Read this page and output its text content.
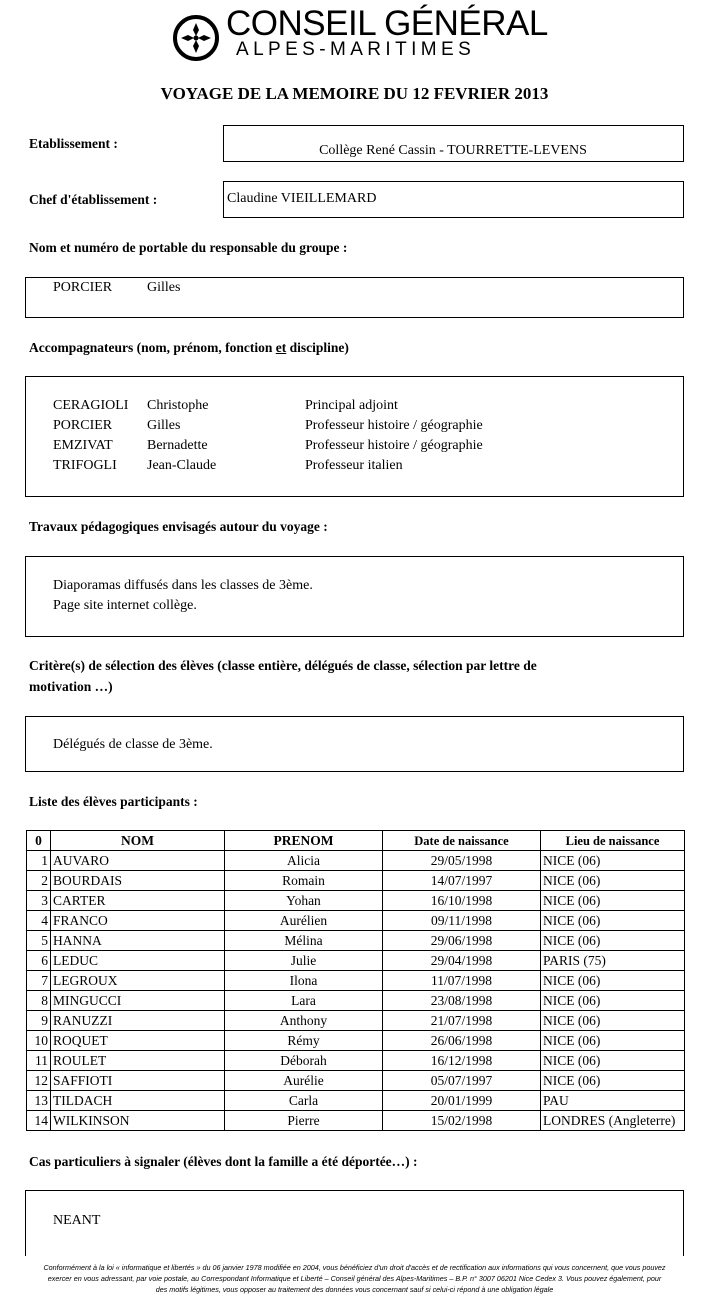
CONSEIL GÉNÉRAL
ALPES-MARITIMES
VOYAGE DE LA MEMOIRE DU 12 FEVRIER 2013
Etablissement :	Collège René Cassin - TOURRETTE-LEVENS
Chef d'établissement :	Claudine VIEILLEMARD
Nom et numéro de portable du responsable du groupe :
PORCIER Gilles
Accompagnateurs (nom, prénom, fonction et discipline)
CERAGIOLI Christophe	Principal adjoint
PORCIER Gilles	Professeur histoire / géographie
EMZIVAT Bernadette	Professeur histoire / géographie
TRIFOGLI Jean-Claude	Professeur italien
Travaux pédagogiques envisagés autour du voyage :
Diaporamas diffusés dans les classes de 3ème.
Page site internet collège.
Critère(s) de sélection des élèves (classe entière, délégués de classe, sélection par lettre de
motivation …)
Délégués de classe de 3ème.
Liste des élèves participants :
0	NOM	PRENOM	Date de naissance	Lieu de naissance
1	AUVARO	Alicia	29/05/1998	NICE (06)
2	BOURDAIS	Romain	14/07/1997	NICE (06)
3	CARTER	Yohan	16/10/1998	NICE (06)
4	FRANCO	Aurélien	09/11/1998	NICE (06)
5	HANNA	Mélina	29/06/1998	NICE (06)
6	LEDUC	Julie	29/04/1998	PARIS (75)
7	LEGROUX	Ilona	11/07/1998	NICE (06)
8	MINGUCCI	Lara	23/08/1998	NICE (06)
9	RANUZZI	Anthony	21/07/1998	NICE (06)
10	ROQUET	Rémy	26/06/1998	NICE (06)
11	ROULET	Déborah	16/12/1998	NICE (06)
12	SAFFIOTI	Aurélie	05/07/1997	NICE (06)
13	TILDACH	Carla	20/01/1999	PAU
14	WILKINSON	Pierre	15/02/1998	LONDRES (Angleterre)
Cas particuliers à signaler (élèves dont la famille a été déportée…) :
NEANT
Conformément à la loi « informatique et libertés » du 06 janvier 1978 modifiée en 2004, vous bénéficiez d'un droit d'accès et de rectification aux informations qui vous concernent, que vous pouvez
exercer en vous adressant, par voie postale, au Correspondant Informatique et Liberté – Conseil général des Alpes-Maritimes – B.P. n° 3007 06201 Nice Cedex 3. Vous pouvez également, pour
des motifs légitimes, vous opposer au traitement des données vous concernant sauf si celui-ci répond à une obligation légale
